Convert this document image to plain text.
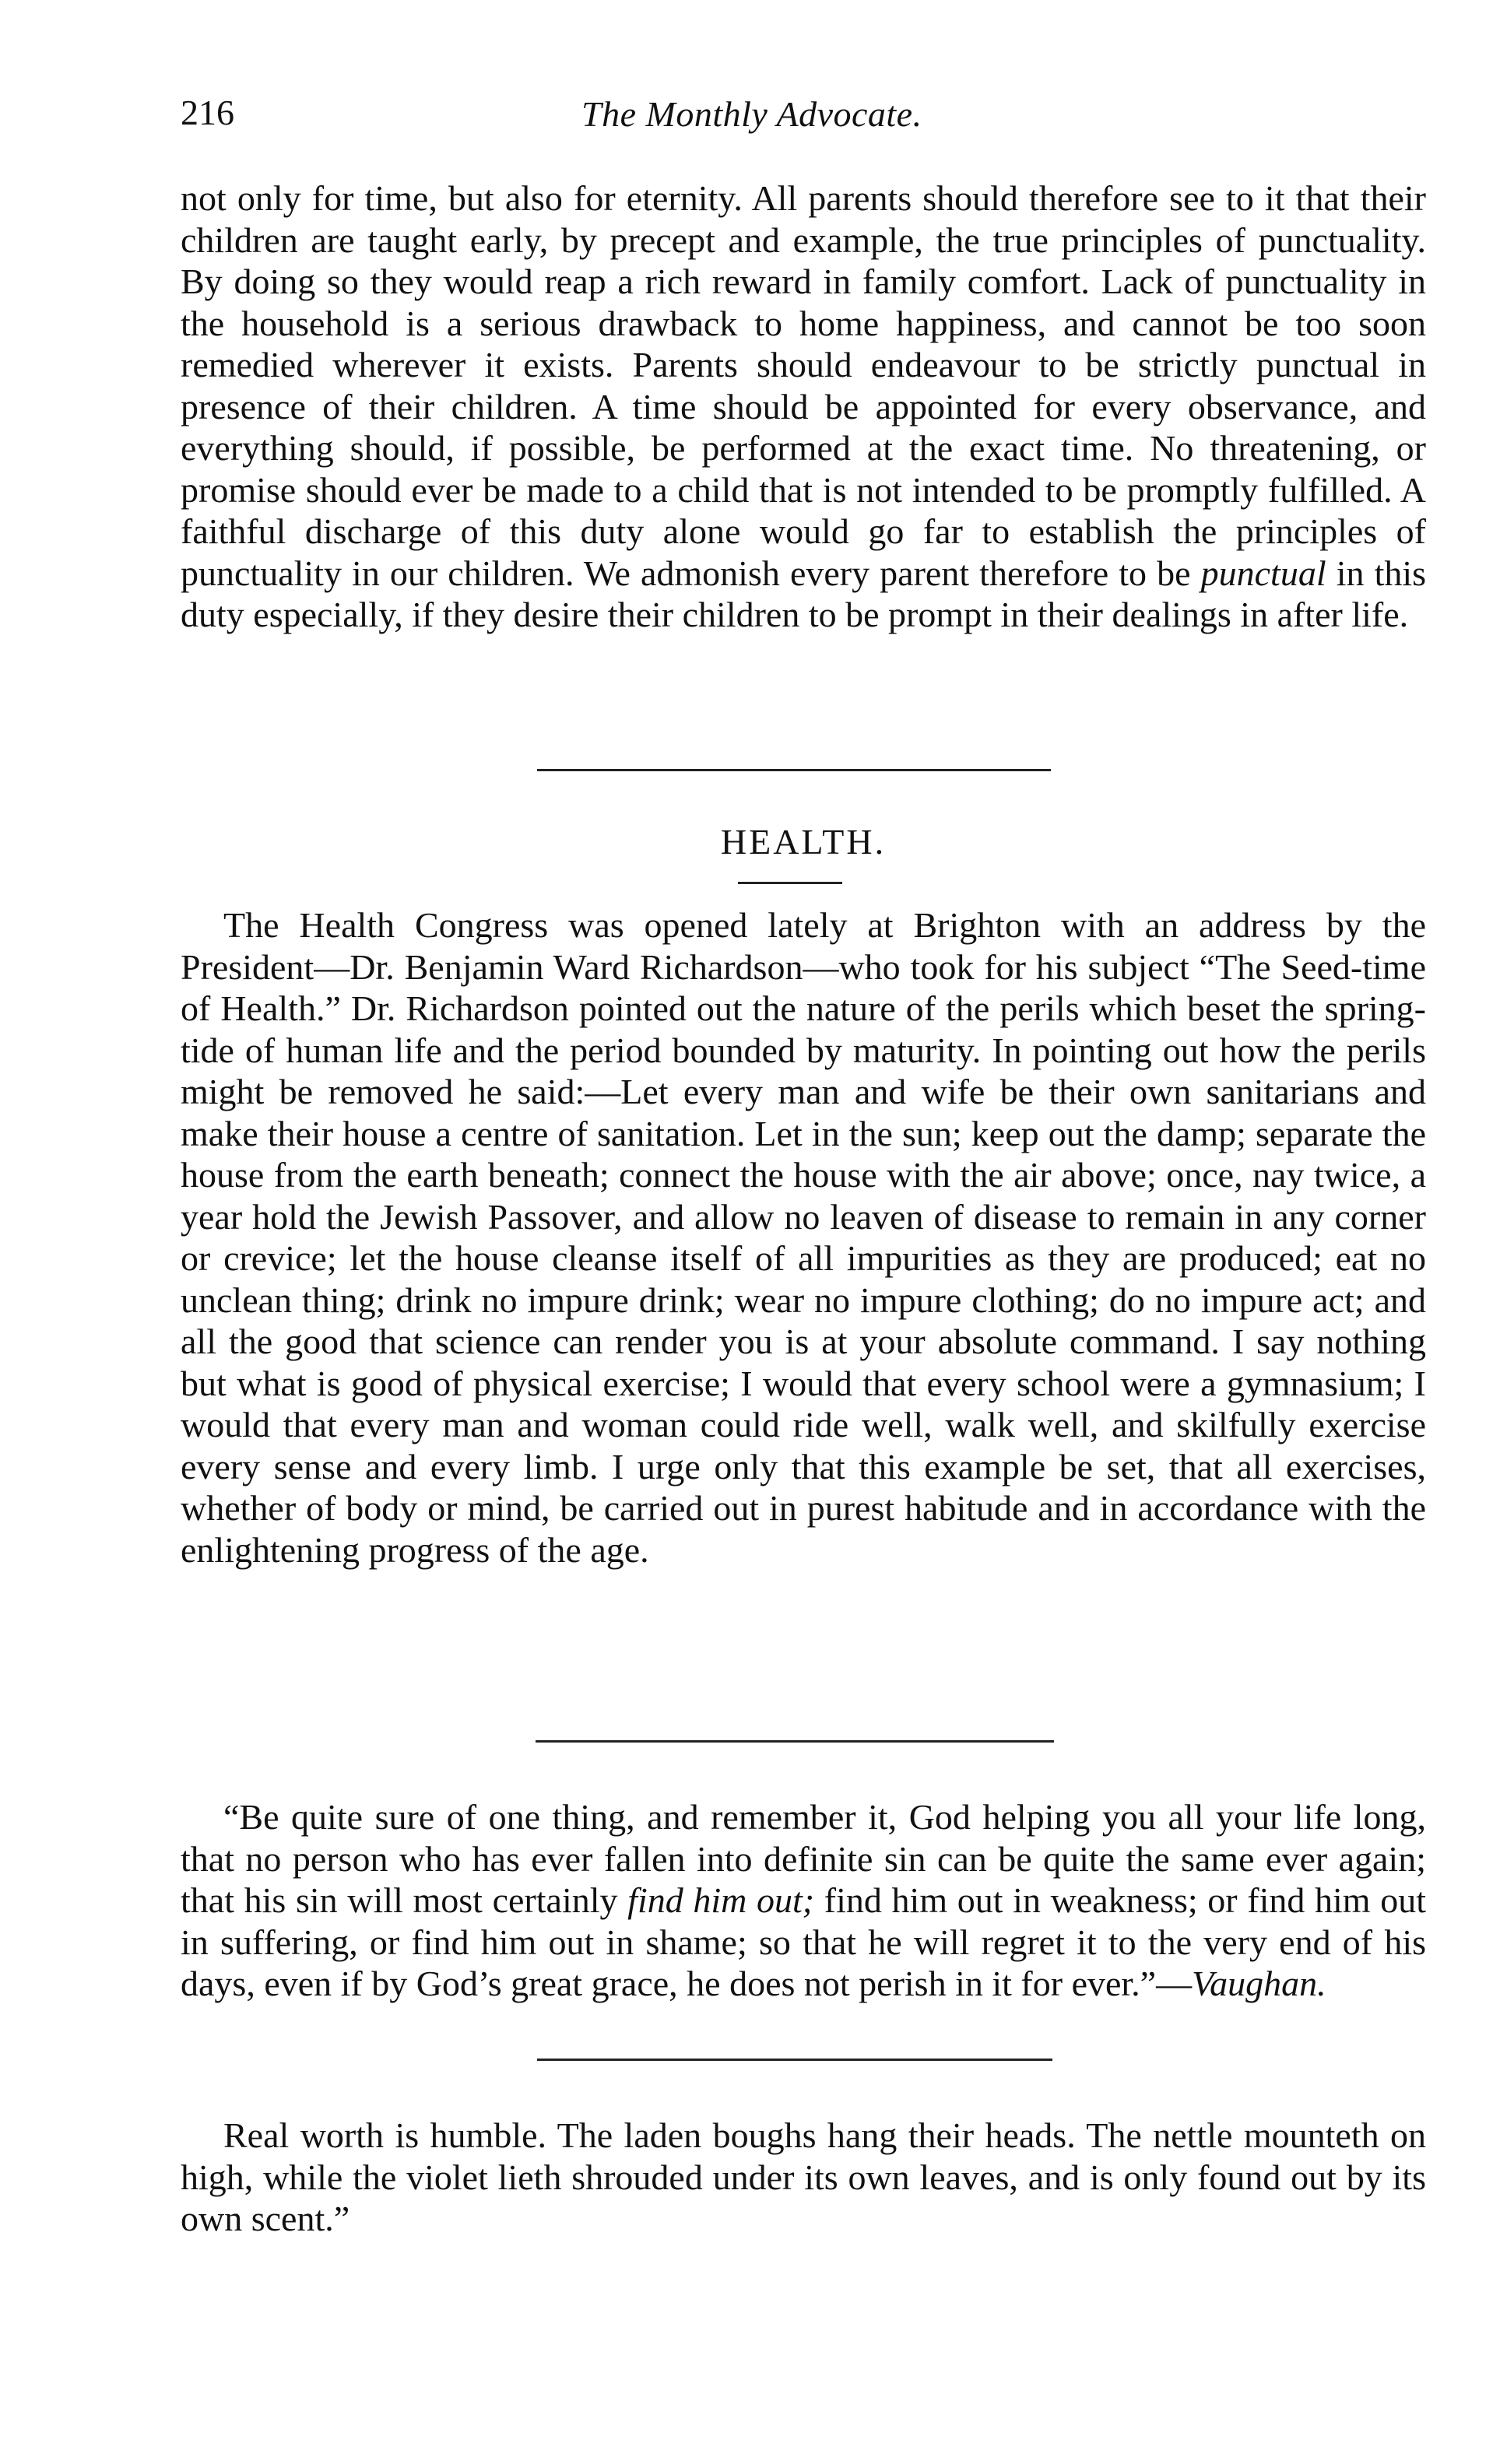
216	The Monthly Advocate.

not only for time, but also for eternity. All parents should therefore see to it that their children are taught early, by precept and example, the true principles of punctuality. By doing so they would reap a rich reward in family comfort. Lack of punctuality in the household is a serious drawback to home happiness, and cannot be too soon remedied wherever it exists. Parents should endeavour to be strictly punctual in presence of their children. A time should be appointed for every observance, and everything should, if possible, be performed at the exact time. No threatening, or promise should ever be made to a child that is not intended to be promptly fulfilled. A faithful discharge of this duty alone would go far to establish the principles of punctuality in our children. We admonish every parent therefore to be punctual in this duty especially, if they desire their children to be prompt in their dealings in after life.

HEALTH.

The Health Congress was opened lately at Brighton with an address by the President—Dr. Benjamin Ward Richardson—who took for his subject “The Seed-time of Health.” Dr. Richardson pointed out the nature of the perils which beset the spring-tide of human life and the period bounded by maturity. In pointing out how the perils might be removed he said:—Let every man and wife be their own sanitarians and make their house a centre of sanitation. Let in the sun; keep out the damp; separate the house from the earth beneath; connect the house with the air above; once, nay twice, a year hold the Jewish Passover, and allow no leaven of disease to remain in any corner or crevice; let the house cleanse itself of all impurities as they are produced; eat no unclean thing; drink no impure drink; wear no impure clothing; do no impure act; and all the good that science can render you is at your absolute command. I say nothing but what is good of physical exercise; I would that every school were a gymnasium; I would that every man and woman could ride well, walk well, and skilfully exercise every sense and every limb. I urge only that this example be set, that all exercises, whether of body or mind, be carried out in purest habitude and in accordance with the enlightening progress of the age.

“Be quite sure of one thing, and remember it, God helping you all your life long, that no person who has ever fallen into definite sin can be quite the same ever again; that his sin will most certainly find him out; find him out in weakness; or find him out in suffering, or find him out in shame; so that he will regret it to the very end of his days, even if by God’s great grace, he does not perish in it for ever.”—Vaughan.

Real worth is humble. The laden boughs hang their heads. The nettle mounteth on high, while the violet lieth shrouded under its own leaves, and is only found out by its own scent.”
